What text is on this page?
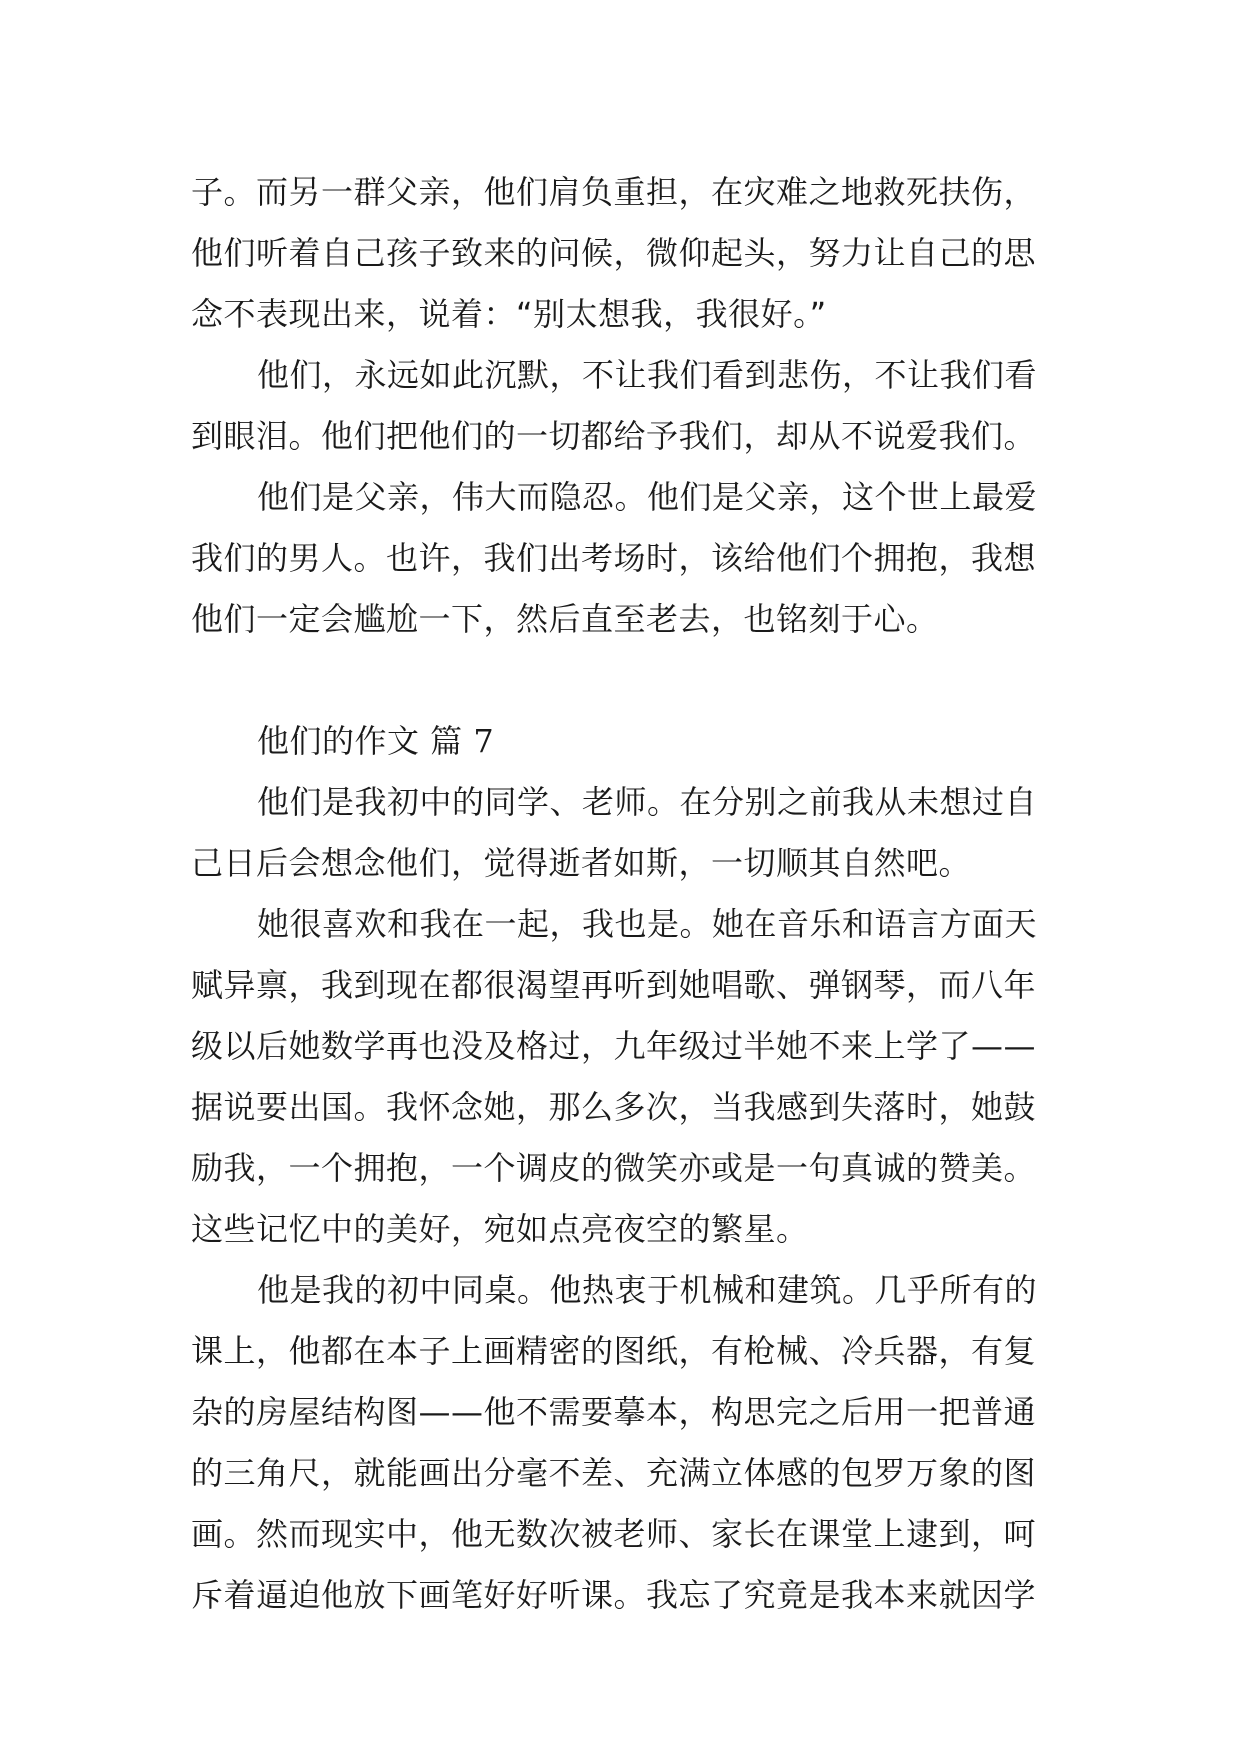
子。而另一群父亲，他们肩负重担，在灾难之地救死扶伤，
他们听着自己孩子致来的问候，微仰起头，努力让自己的思
念不表现出来，说着：“别太想我，我很好。”
他们，永远如此沉默，不让我们看到悲伤，不让我们看
到眼泪。他们把他们的一切都给予我们，却从不说爱我们。
他们是父亲，伟大而隐忍。他们是父亲，这个世上最爱
我们的男人。也许，我们出考场时，该给他们个拥抱，我想
他们一定会尴尬一下，然后直至老去，也铭刻于心。
他们的作文 篇 7
他们是我初中的同学、老师。在分别之前我从未想过自
己日后会想念他们，觉得逝者如斯，一切顺其自然吧。
她很喜欢和我在一起，我也是。她在音乐和语言方面天
赋异禀，我到现在都很渴望再听到她唱歌、弹钢琴，而八年
级以后她数学再也没及格过，九年级过半她不来上学了——
据说要出国。我怀念她，那么多次，当我感到失落时，她鼓
励我，一个拥抱，一个调皮的微笑亦或是一句真诚的赞美。
这些记忆中的美好，宛如点亮夜空的繁星。
他是我的初中同桌。他热衷于机械和建筑。几乎所有的
课上，他都在本子上画精密的图纸，有枪械、冷兵器，有复
杂的房屋结构图——他不需要摹本，构思完之后用一把普通
的三角尺，就能画出分毫不差、充满立体感的包罗万象的图
画。然而现实中，他无数次被老师、家长在课堂上逮到，呵
斥着逼迫他放下画笔好好听课。我忘了究竟是我本来就因学
